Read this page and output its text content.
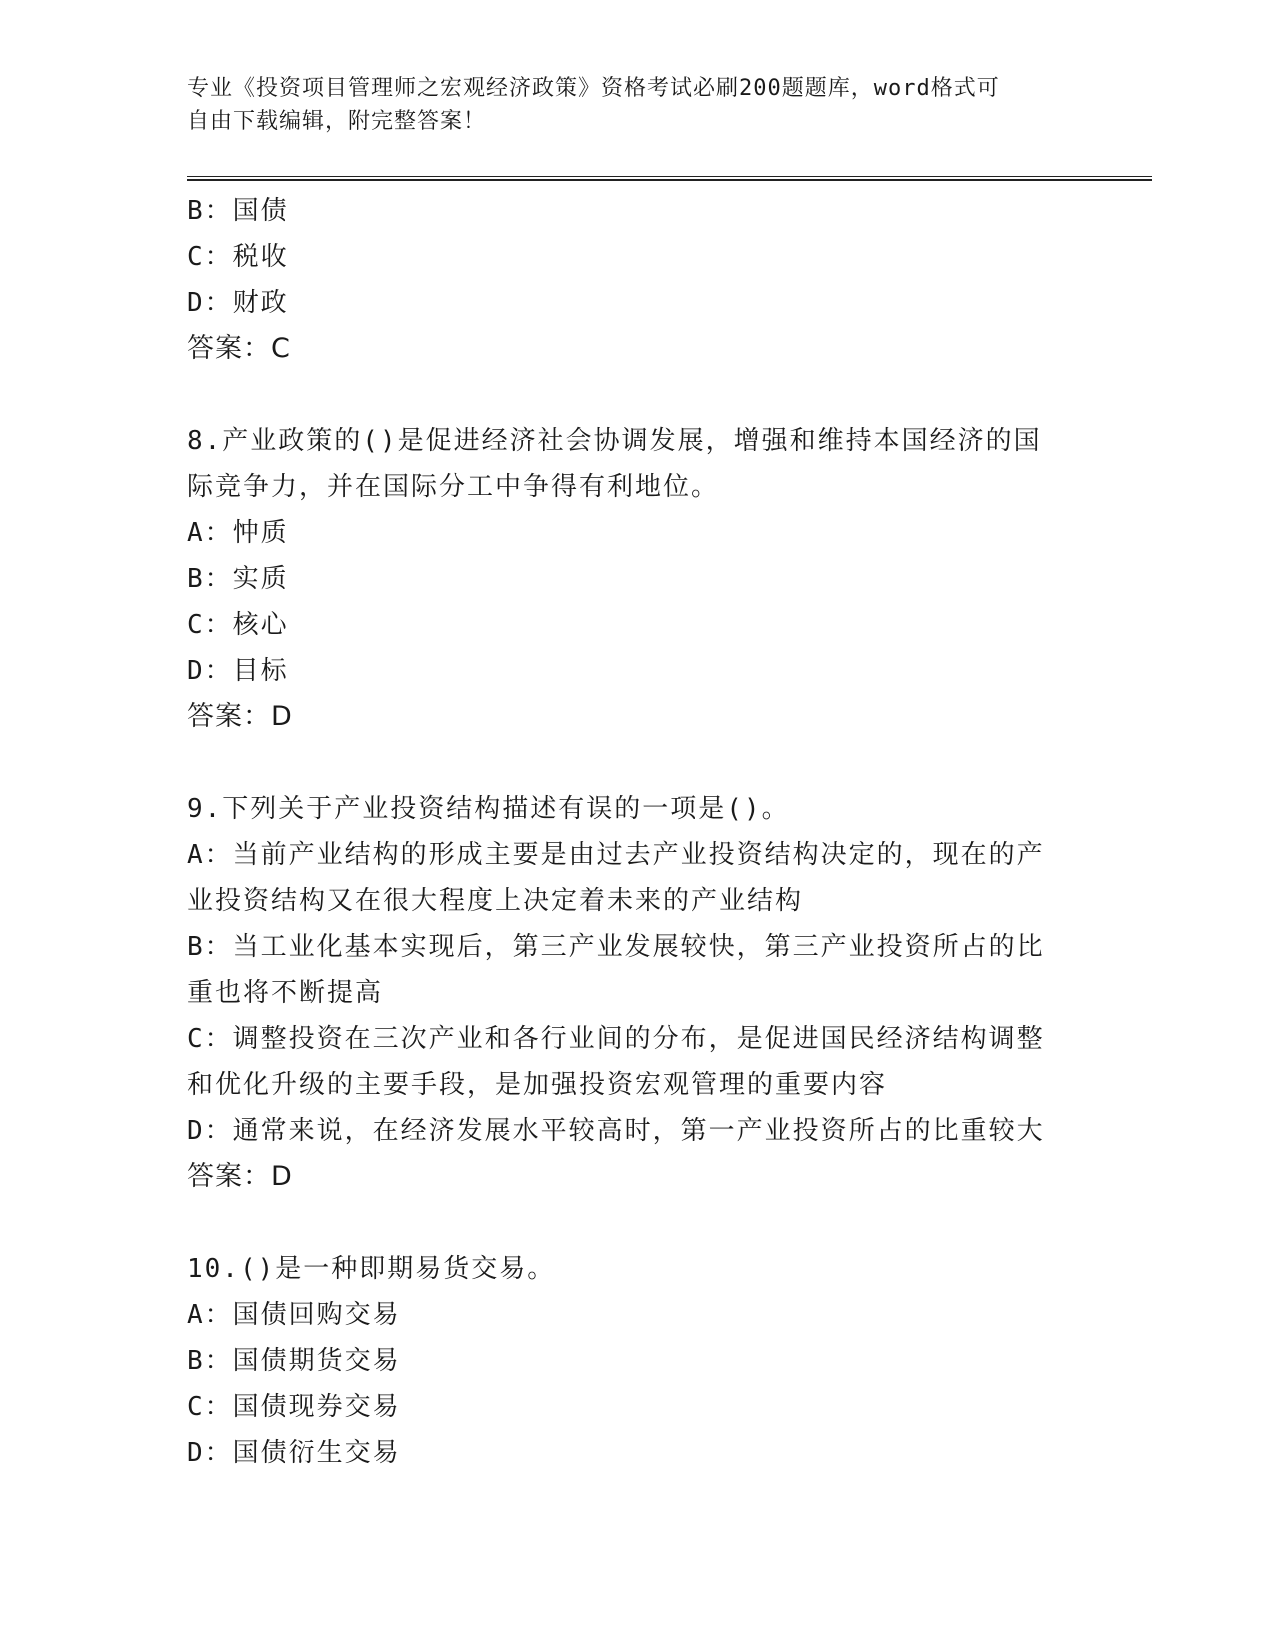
专业《投资项目管理师之宏观经济政策》资格考试必刷200题题库，word格式可
自由下载编辑，附完整答案！
B：国债
C：税收
D：财政
答案：C
8.产业政策的()是促进经济社会协调发展，增强和维持本国经济的国
际竞争力，并在国际分工中争得有利地位。
A：忡质
B：实质
C：核心
D：目标
答案：D
9.下列关于产业投资结构描述有误的一项是()。
A：当前产业结构的形成主要是由过去产业投资结构决定的，现在的产
业投资结构又在很大程度上决定着未来的产业结构
B：当工业化基本实现后，第三产业发展较快，第三产业投资所占的比
重也将不断提高
C：调整投资在三次产业和各行业间的分布，是促进国民经济结构调整
和优化升级的主要手段，是加强投资宏观管理的重要内容
D：通常来说，在经济发展水平较高时，第一产业投资所占的比重较大
答案：D
10.()是一种即期易货交易。
A：国债回购交易
B：国债期货交易
C：国债现券交易
D：国债衍生交易
